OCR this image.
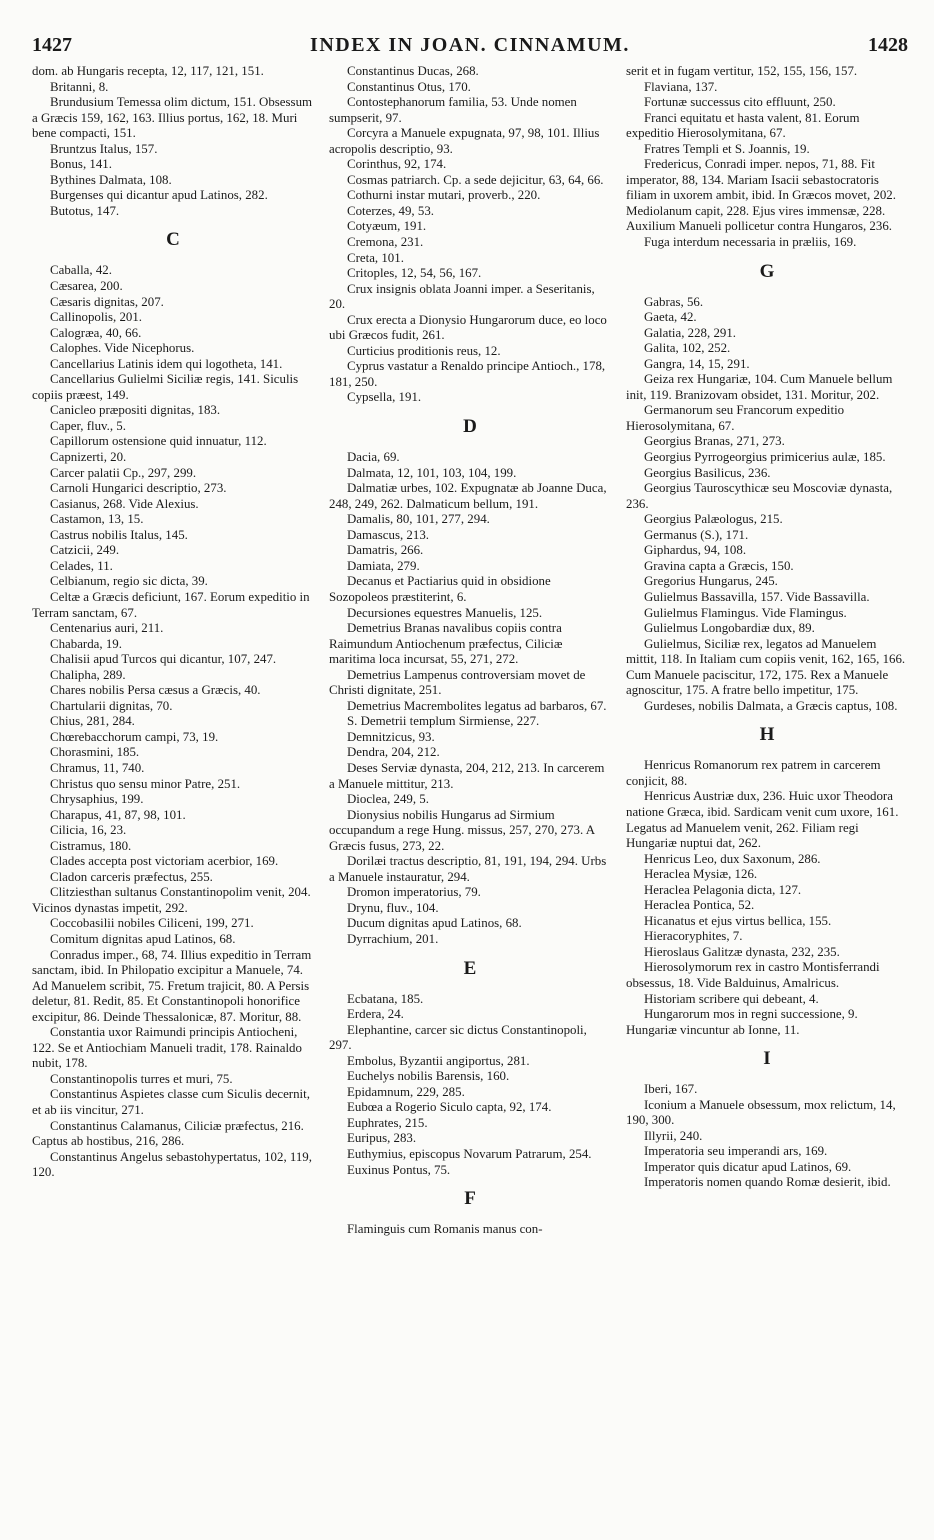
1427	INDEX IN JOAN. CINNAMUM.	1428
dom. ab Hungaris recepta, 12, 117, 121, 151.
Britanni, 8.
Brundusium Temessa olim dictum, 151. Obsessum a Græcis 159, 162, 163. Illius portus, 162, 18. Muri bene compacti, 151.
Bruntzus Italus, 157.
Bonus, 141.
Bythines Dalmata, 108.
Burgenses qui dicantur apud Latinos, 282.
Butotus, 147.
C
Caballa, 42.
Cæsarea, 200.
Cæsaris dignitas, 207.
Callinopolis, 201.
Calogræa, 40, 66.
Calophes. Vide Nicephorus.
Cancellarius Latinis idem qui logotheta, 141.
Cancellarius Gulielmi Siciliæ regis, 141. Siculis copiis præest, 149.
Canicleo præpositi dignitas, 183.
Caper, fluv., 5.
Capillorum ostensione quid innuatur, 112.
Capnizerti, 20.
Carcer palatii Cp., 297, 299.
Carnoli Hungarici descriptio, 273.
Casianus, 268. Vide Alexius.
Castamon, 13, 15.
Castrus nobilis Italus, 145.
Catzicii, 249.
Celades, 11.
Celbianum, regio sic dicta, 39.
Celtæ a Græcis deficiunt, 167. Eorum expeditio in Terram sanctam, 67.
Centenarius auri, 211.
Chabarda, 19.
Chalisii apud Turcos qui dicantur, 107, 247.
Chalipha, 289.
Chares nobilis Persa cæsus a Græcis, 40.
Chartularii dignitas, 70.
Chius, 281, 284.
Chœrebacchorum campi, 73, 19.
Chorasmini, 185.
Chramus, 11, 740.
Christus quo sensu minor Patre, 251.
Chrysaphius, 199.
Charapus, 41, 87, 98, 101.
Cilicia, 16, 23.
Cistramus, 180.
Clades accepta post victoriam acerbior, 169.
Cladon carceris præfectus, 255.
Clitziesthan sultanus Constantinopolim venit, 204. Vicinos dynastas impetit, 292.
Coccobasilii nobiles Ciliceni, 199, 271.
Comitum dignitas apud Latinos, 68.
Conradus imper., 68, 74. Illius expeditio in Terram sanctam, ibid. In Philopatio excipitur a Manuele, 74. Ad Manuelem scribit, 75. Fretum trajicit, 80. A Persis deletur, 81. Redit, 85. Et Constantinopoli honorifice excipitur, 86. Deinde Thessalonicæ, 87. Moritur, 88.
Constantia uxor Raimundi principis Antiocheni, 122. Se et Antiochiam Manueli tradit, 178. Rainaldo nubit, 178.
Constantinopolis turres et muri, 75.
Constantinus Aspietes classe cum Siculis decernit, et ab iis vincitur, 271.
Constantinus Calamanus, Ciliciæ præfectus, 216. Captus ab hostibus, 216, 286.
Constantinus Angelus sebastohypertatus, 102, 119, 120.
Constantinus Ducas, 268.
Constantinus Otus, 170.
Contostephanorum familia, 53. Unde nomen sumpserit, 97.
Corcyra a Manuele expugnata, 97, 98, 101. Illius acropolis descriptio, 93.
Corinthus, 92, 174.
Cosmas patriarch. Cp. a sede dejicitur, 63, 64, 66.
Cothurni instar mutari, proverb., 220.
Coterzes, 49, 53.
Cotyæum, 191.
Cremona, 231.
Creta, 101.
Critoples, 12, 54, 56, 167.
Crux insignis oblata Joanni imper. a Seseritanis, 20.
Crux erecta a Dionysio Hungarorum duce, eo loco ubi Græcos fudit, 261.
Curticius proditionis reus, 12.
Cyprus vastatur a Renaldo principe Antioch., 178, 181, 250.
Cypsella, 191.
D
Dacia, 69.
Dalmata, 12, 101, 103, 104, 199.
Dalmatiæ urbes, 102. Expugnatæ ab Joanne Duca, 248, 249, 262. Dalmaticum bellum, 191.
Damalis, 80, 101, 277, 294.
Damascus, 213.
Damatris, 266.
Damiata, 279.
Decanus et Pactiarius quid in obsidione Sozopoleos præstiterint, 6.
Decursiones equestres Manuelis, 125.
Demetrius Branas navalibus copiis contra Raimundum Antiochenum præfectus, Ciliciæ maritima loca incursat, 55, 271, 272.
Demetrius Lampenus controversiam movet de Christi dignitate, 251.
Demetrius Macrembolites legatus ad barbaros, 67.
S. Demetrii templum Sirmiense, 227.
Demnitzicus, 93.
Dendra, 204, 212.
Deses Serviæ dynasta, 204, 212, 213. In carcerem a Manuele mittitur, 213.
Dioclea, 249, 5.
Dionysius nobilis Hungarus ad Sirmium occupandum a rege Hung. missus, 257, 270, 273. A Græcis fusus, 273, 22.
Dorilæi tractus descriptio, 81, 191, 194, 294. Urbs a Manuele instauratur, 294.
Dromon imperatorius, 79.
Drynu, fluv., 104.
Ducum dignitas apud Latinos, 68.
Dyrrachium, 201.
E
Ecbatana, 185.
Erdera, 24.
Elephantine, carcer sic dictus Constantinopoli, 297.
Embolus, Byzantii angiportus, 281.
Euchelys nobilis Barensis, 160.
Epidamnum, 229, 285.
Eubœa a Rogerio Siculo capta, 92, 174.
Euphrates, 215.
Euripus, 283.
Euthymius, episcopus Novarum Patrarum, 254.
Euxinus Pontus, 75.
F
Flaminguis cum Romanis manus con-
serit et in fugam vertitur, 152, 155, 156, 157.
Flaviana, 137.
Fortunæ successus cito effluunt, 250.
Franci equitatu et hasta valent, 81. Eorum expeditio Hierosolymitana, 67.
Fratres Templi et S. Joannis, 19.
Fredericus, Conradi imper. nepos, 71, 88. Fit imperator, 88, 134. Mariam Isacii sebastocratoris filiam in uxorem ambit, ibid. In Græcos movet, 202. Mediolanum capit, 228. Ejus vires immensæ, 228. Auxilium Manueli pollicetur contra Hungaros, 236.
Fuga interdum necessaria in præliis, 169.
G
Gabras, 56.
Gaeta, 42.
Galatia, 228, 291.
Galita, 102, 252.
Gangra, 14, 15, 291.
Geiza rex Hungariæ, 104. Cum Manuele bellum init, 119. Branizovam obsidet, 131. Moritur, 202.
Germanorum seu Francorum expeditio Hierosolymitana, 67.
Georgius Branas, 271, 273.
Georgius Pyrrogeorgius primicerius aulæ, 185.
Georgius Basilicus, 236.
Georgius Tauroscythicæ seu Moscoviæ dynasta, 236.
Georgius Palæologus, 215.
Germanus (S.), 171.
Giphardus, 94, 108.
Gravina capta a Græcis, 150.
Gregorius Hungarus, 245.
Gulielmus Bassavilla, 157. Vide Bassavilla.
Gulielmus Flamingus. Vide Flamingus.
Gulielmus Longobardiæ dux, 89.
Gulielmus, Siciliæ rex, legatos ad Manuelem mittit, 118. In Italiam cum copiis venit, 162, 165, 166. Cum Manuele paciscitur, 172, 175. Rex a Manuele agnoscitur, 175. A fratre bello impetitur, 175.
Gurdeses, nobilis Dalmata, a Græcis captus, 108.
H
Henricus Romanorum rex patrem in carcerem conjicit, 88.
Henricus Austriæ dux, 236. Huic uxor Theodora natione Græca, ibid. Sardicam venit cum uxore, 161. Legatus ad Manuelem venit, 262. Filiam regi Hungariæ nuptui dat, 262.
Henricus Leo, dux Saxonum, 286.
Heraclea Mysiæ, 126.
Heraclea Pelagonia dicta, 127.
Heraclea Pontica, 52.
Hicanatus et ejus virtus bellica, 155.
Hieracoryphites, 7.
Hieroslaus Galitzæ dynasta, 232, 235.
Hierosolymorum rex in castro Montisferrandi obsessus, 18. Vide Balduinus, Amalricus.
Historiam scribere qui debeant, 4.
Hungarorum mos in regni successione, 9. Hungariæ vincuntur ab Ionne, 11.
I
Iberi, 167.
Iconium a Manuele obsessum, mox relictum, 14, 190, 300.
Illyrii, 240.
Imperatoria seu imperandi ars, 169.
Imperator quis dicatur apud Latinos, 69.
Imperatoris nomen quando Romæ desierit, ibid.
